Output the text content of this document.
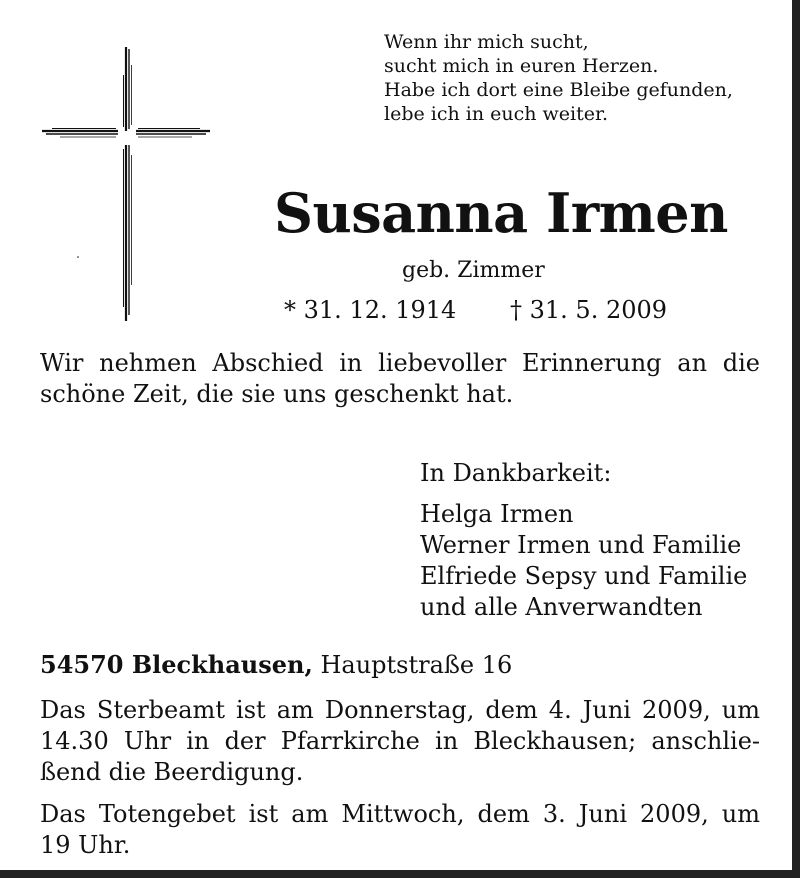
Wenn ihr mich sucht,
sucht mich in euren Herzen.
Habe ich dort eine Bleibe gefunden,
lebe ich in euch weiter.
Susanna Irmen
geb. Zimmer
* 31. 12. 1914 † 31. 5. 2009

Wir nehmen Abschied in liebevoller Erinnerung an die schöne Zeit, die sie uns geschenkt hat.

In Dankbarkeit:
Helga Irmen
Werner Irmen und Familie
Elfriede Sepsy und Familie
und alle Anverwandten
54570 Bleckhausen, Hauptstraße 16
Das Sterbeamt ist am Donnerstag, dem 4. Juni 2009, um
14.30 Uhr in der Pfarrkirche in Bleckhausen; anschlie-
ßend die Beerdigung.
Das Totengebet ist am Mittwoch, dem 3. Juni 2009, um
19 Uhr.
